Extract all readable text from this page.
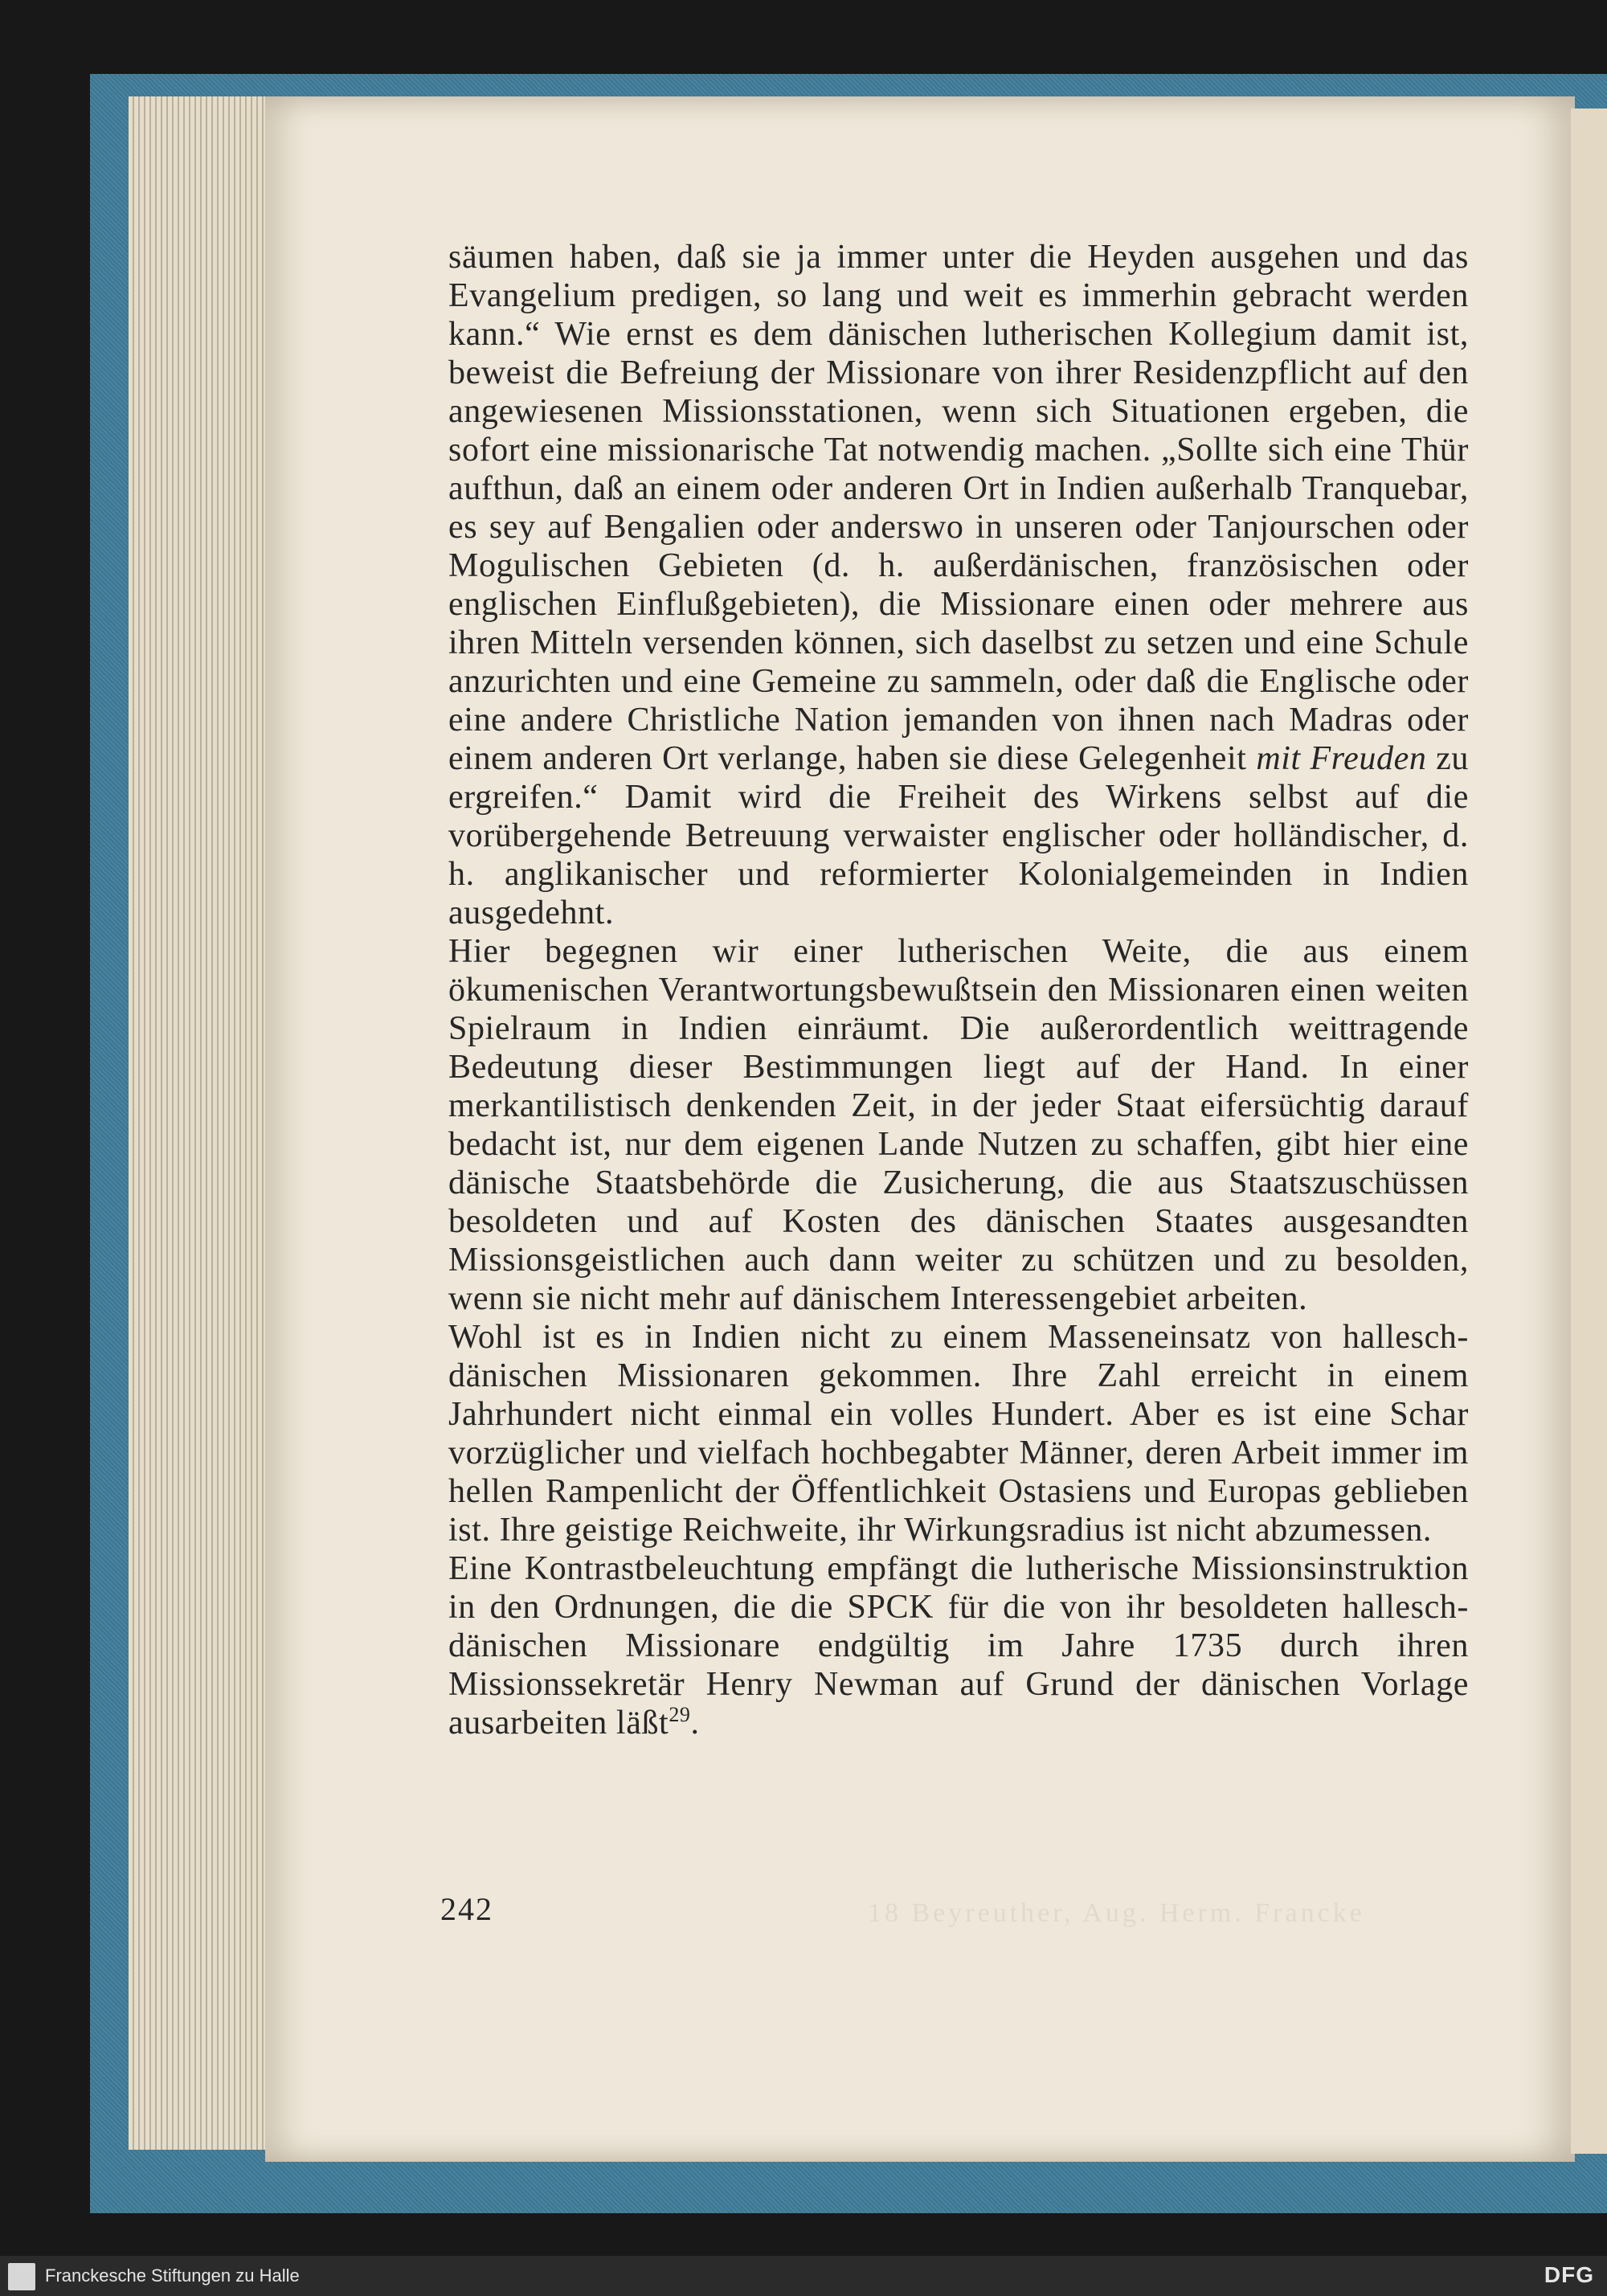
säumen haben, daß sie ja immer unter die Heyden ausgehen und das Evangelium predigen, so lang und weit es immerhin gebracht werden kann.“ Wie ernst es dem dänischen lutherischen Kollegium damit ist, beweist die Befreiung der Missionare von ihrer Residenzpflicht auf den angewiesenen Missionsstationen, wenn sich Situationen ergeben, die sofort eine missionarische Tat notwendig machen. „Sollte sich eine Thür aufthun, daß an einem oder anderen Ort in Indien außerhalb Tranquebar, es sey auf Bengalien oder anderswo in unseren oder Tanjourschen oder Mogulischen Gebieten (d. h. außerdänischen, französischen oder englischen Einflußgebieten), die Missionare einen oder mehrere aus ihren Mitteln versenden können, sich daselbst zu setzen und eine Schule anzurichten und eine Gemeine zu sammeln, oder daß die Englische oder eine andere Christliche Nation jemanden von ihnen nach Madras oder einem anderen Ort verlange, haben sie diese Gelegenheit mit Freuden zu ergreifen.“ Damit wird die Freiheit des Wirkens selbst auf die vorübergehende Betreuung verwaister englischer oder holländischer, d. h. anglikanischer und reformierter Kolonialgemeinden in Indien ausgedehnt.

Hier begegnen wir einer lutherischen Weite, die aus einem ökumenischen Verantwortungsbewußtsein den Missionaren einen weiten Spielraum in Indien einräumt. Die außerordentlich weittragende Bedeutung dieser Bestimmungen liegt auf der Hand. In einer merkantilistisch denkenden Zeit, in der jeder Staat eifersüchtig darauf bedacht ist, nur dem eigenen Lande Nutzen zu schaffen, gibt hier eine dänische Staatsbehörde die Zusicherung, die aus Staatszuschüssen besoldeten und auf Kosten des dänischen Staates ausgesandten Missionsgeistlichen auch dann weiter zu schützen und zu besolden, wenn sie nicht mehr auf dänischem Interessengebiet arbeiten.

Wohl ist es in Indien nicht zu einem Masseneinsatz von hallesch-dänischen Missionaren gekommen. Ihre Zahl erreicht in einem Jahrhundert nicht einmal ein volles Hundert. Aber es ist eine Schar vorzüglicher und vielfach hochbegabter Männer, deren Arbeit immer im hellen Rampenlicht der Öffentlichkeit Ostasiens und Europas geblieben ist. Ihre geistige Reichweite, ihr Wirkungsradius ist nicht abzumessen.

Eine Kontrastbeleuchtung empfängt die lutherische Missionsinstruktion in den Ordnungen, die die SPCK für die von ihr besoldeten hallesch-dänischen Missionare endgültig im Jahre 1735 durch ihren Missionssekretär Henry Newman auf Grund der dänischen Vorlage ausarbeiten läßt$^{29}$.

242	18 Beyreuther, Aug. Herm. Francke
Franckesche Stiftungen zu Halle	DFG
